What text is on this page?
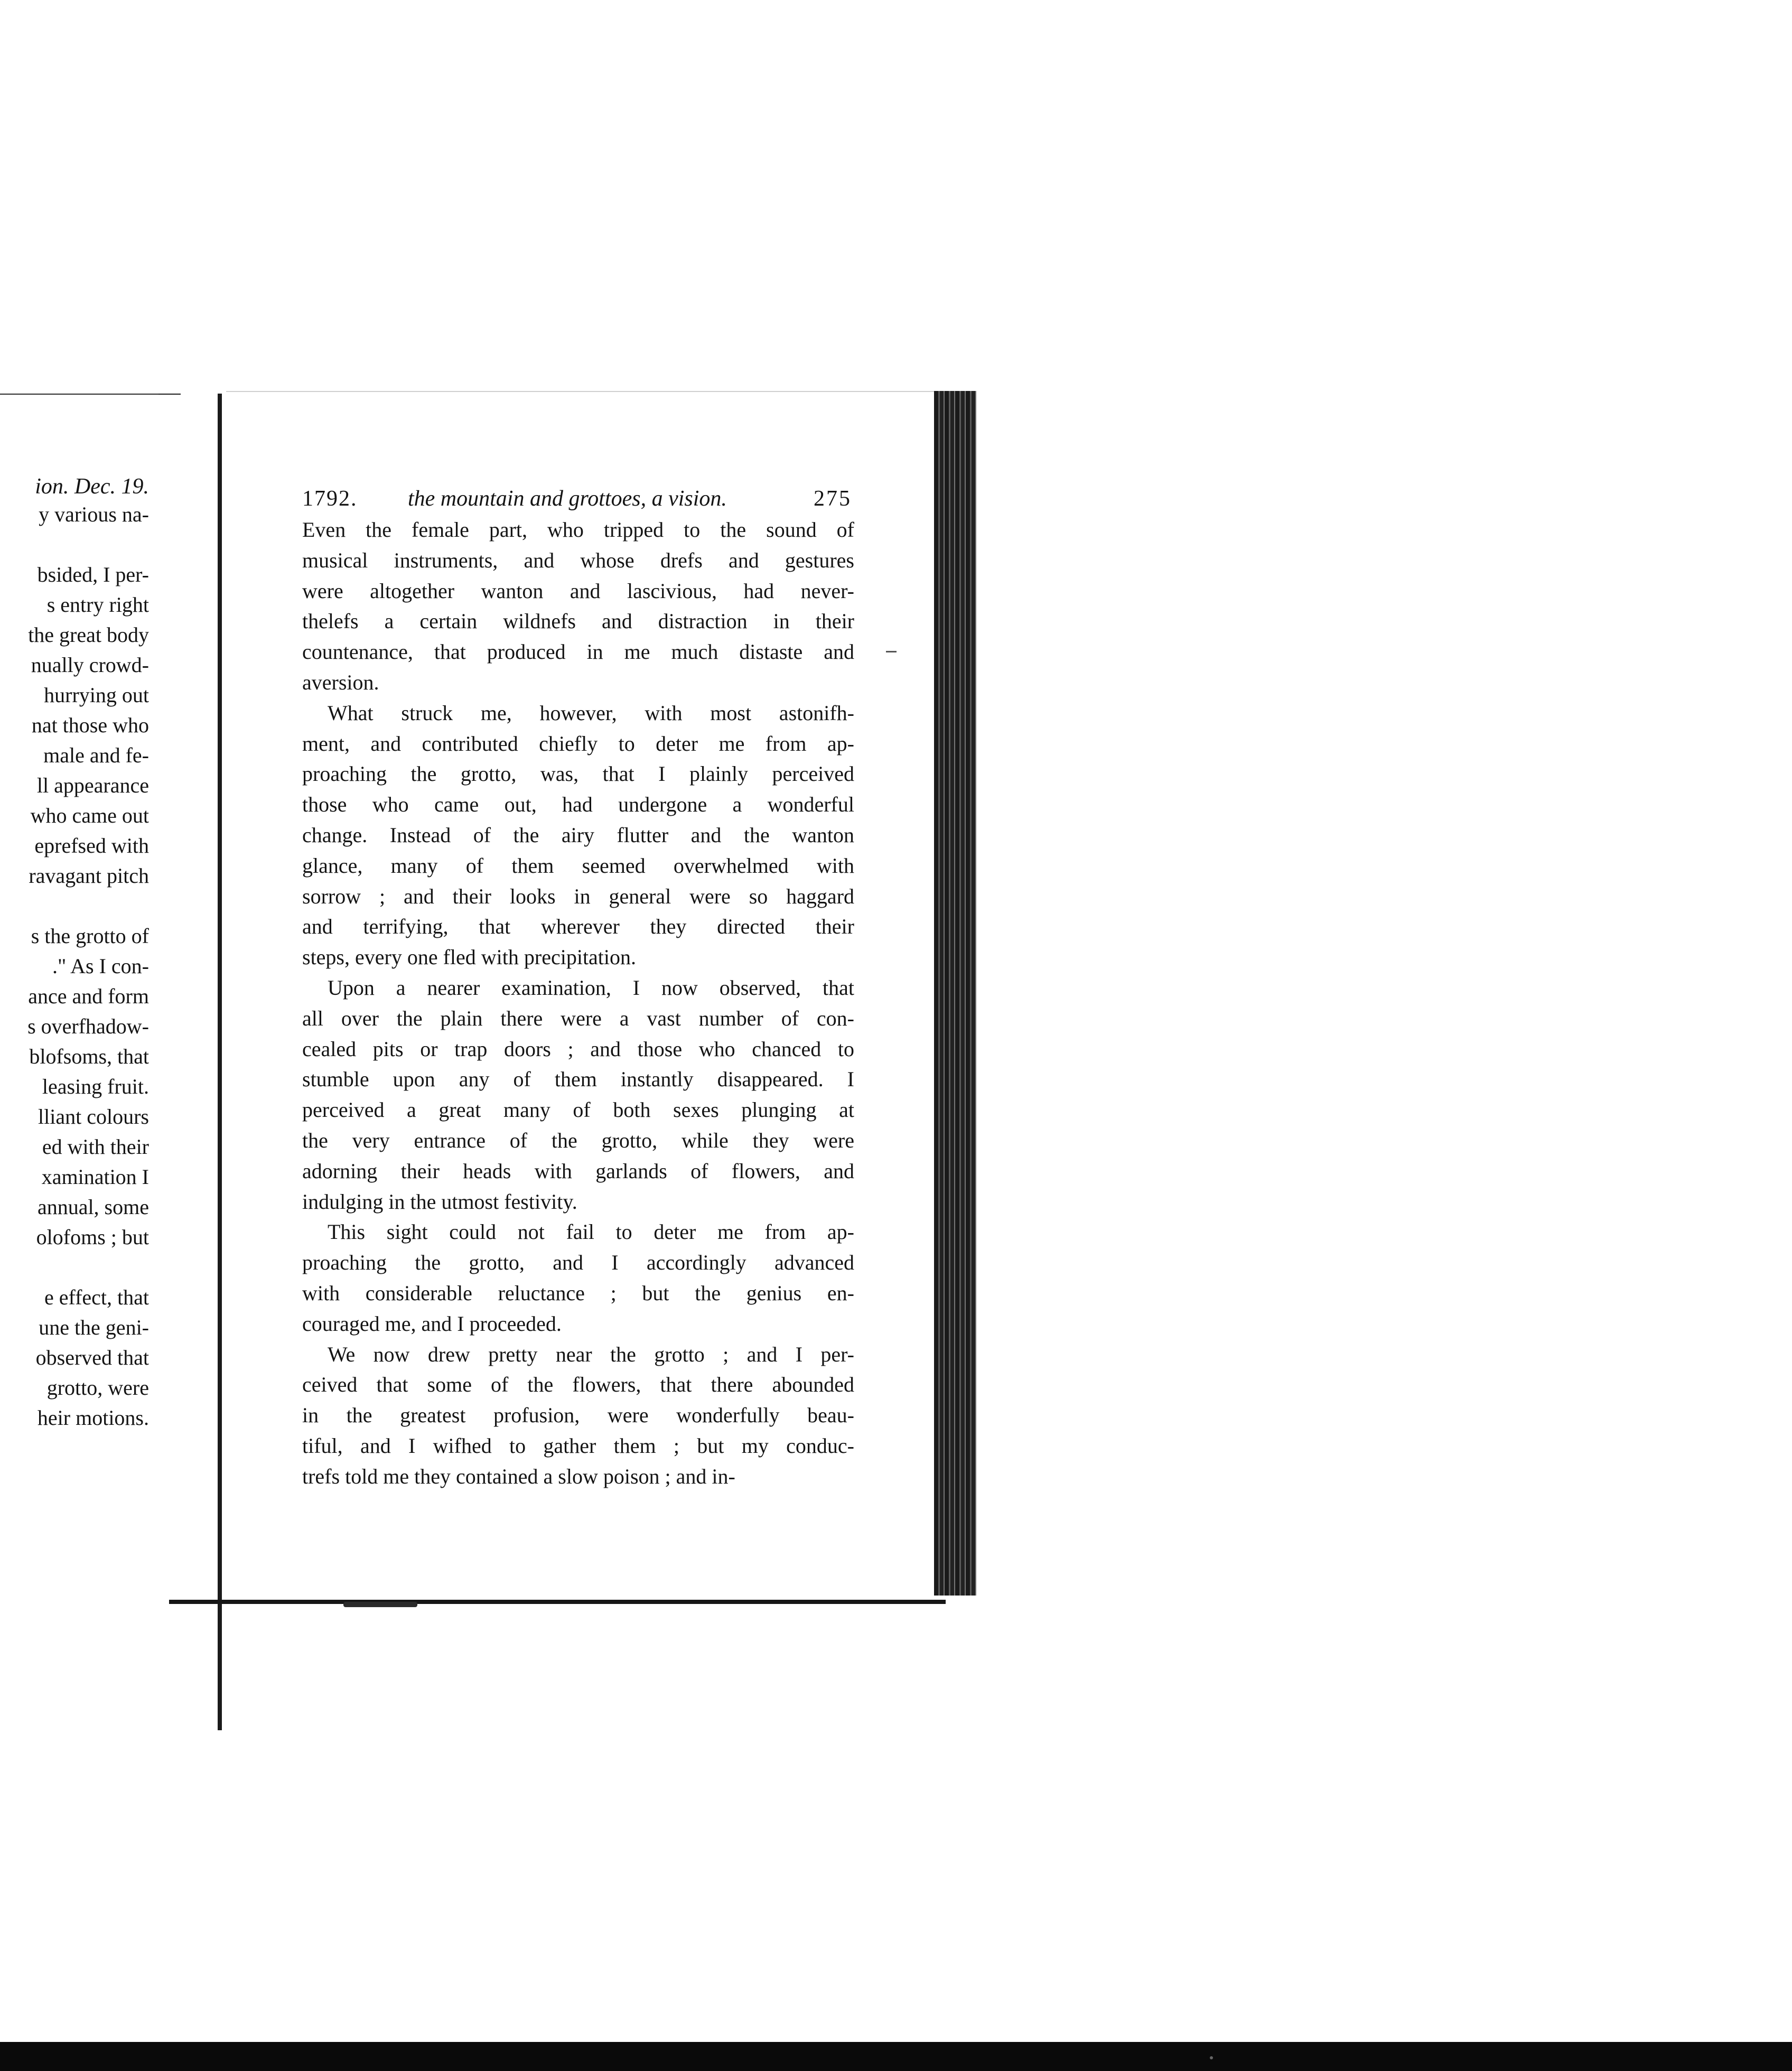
ion. Dec. 19.
y various na-
bsided, I per-
s entry right
the great body
nually crowd-
hurrying out
nat those who
male and fe-
ll appearance
who came out
eprefsed with
ravagant pitch
s the grotto of
." As I con-
ance and form
s overfhadow-
blofsoms, that
leasing fruit.
lliant colours
ed with their
xamination I
annual, some
olofoms ; but
e effect, that
une the geni-
observed that
grotto, were
heir motions.
1792. the mountain and grottoes, a vision.	275
Even the female part, who tripped to the sound of
musical instruments, and whose drefs and gestures
were altogether wanton and lascivious, had never-
thelefs a certain wildnefs and distraction in their
countenance, that produced in me much distaste and
aversion.
What struck me, however, with most astonifh-
ment, and contributed chiefly to deter me from ap-
proaching the grotto, was, that I plainly perceived
those who came out, had undergone a wonderful
change. Instead of the airy flutter and the wanton
glance, many of them seemed overwhelmed with
sorrow ; and their looks in general were so haggard
and terrifying, that wherever they directed their
steps, every one fled with precipitation.
Upon a nearer examination, I now observed, that
all over the plain there were a vast number of con-
cealed pits or trap doors ; and those who chanced to
stumble upon any of them instantly disappeared. I
perceived a great many of both sexes plunging at
the very entrance of the grotto, while they were
adorning their heads with garlands of flowers, and
indulging in the utmost festivity.
This sight could not fail to deter me from ap-
proaching the grotto, and I accordingly advanced
with considerable reluctance ; but the genius en-
couraged me, and I proceeded.
We now drew pretty near the grotto ; and I per-
ceived that some of the flowers, that there abounded
in the greatest profusion, were wonderfully beau-
tiful, and I wifhed to gather them ; but my conduc-
trefs told me they contained a slow poison ; and in-
